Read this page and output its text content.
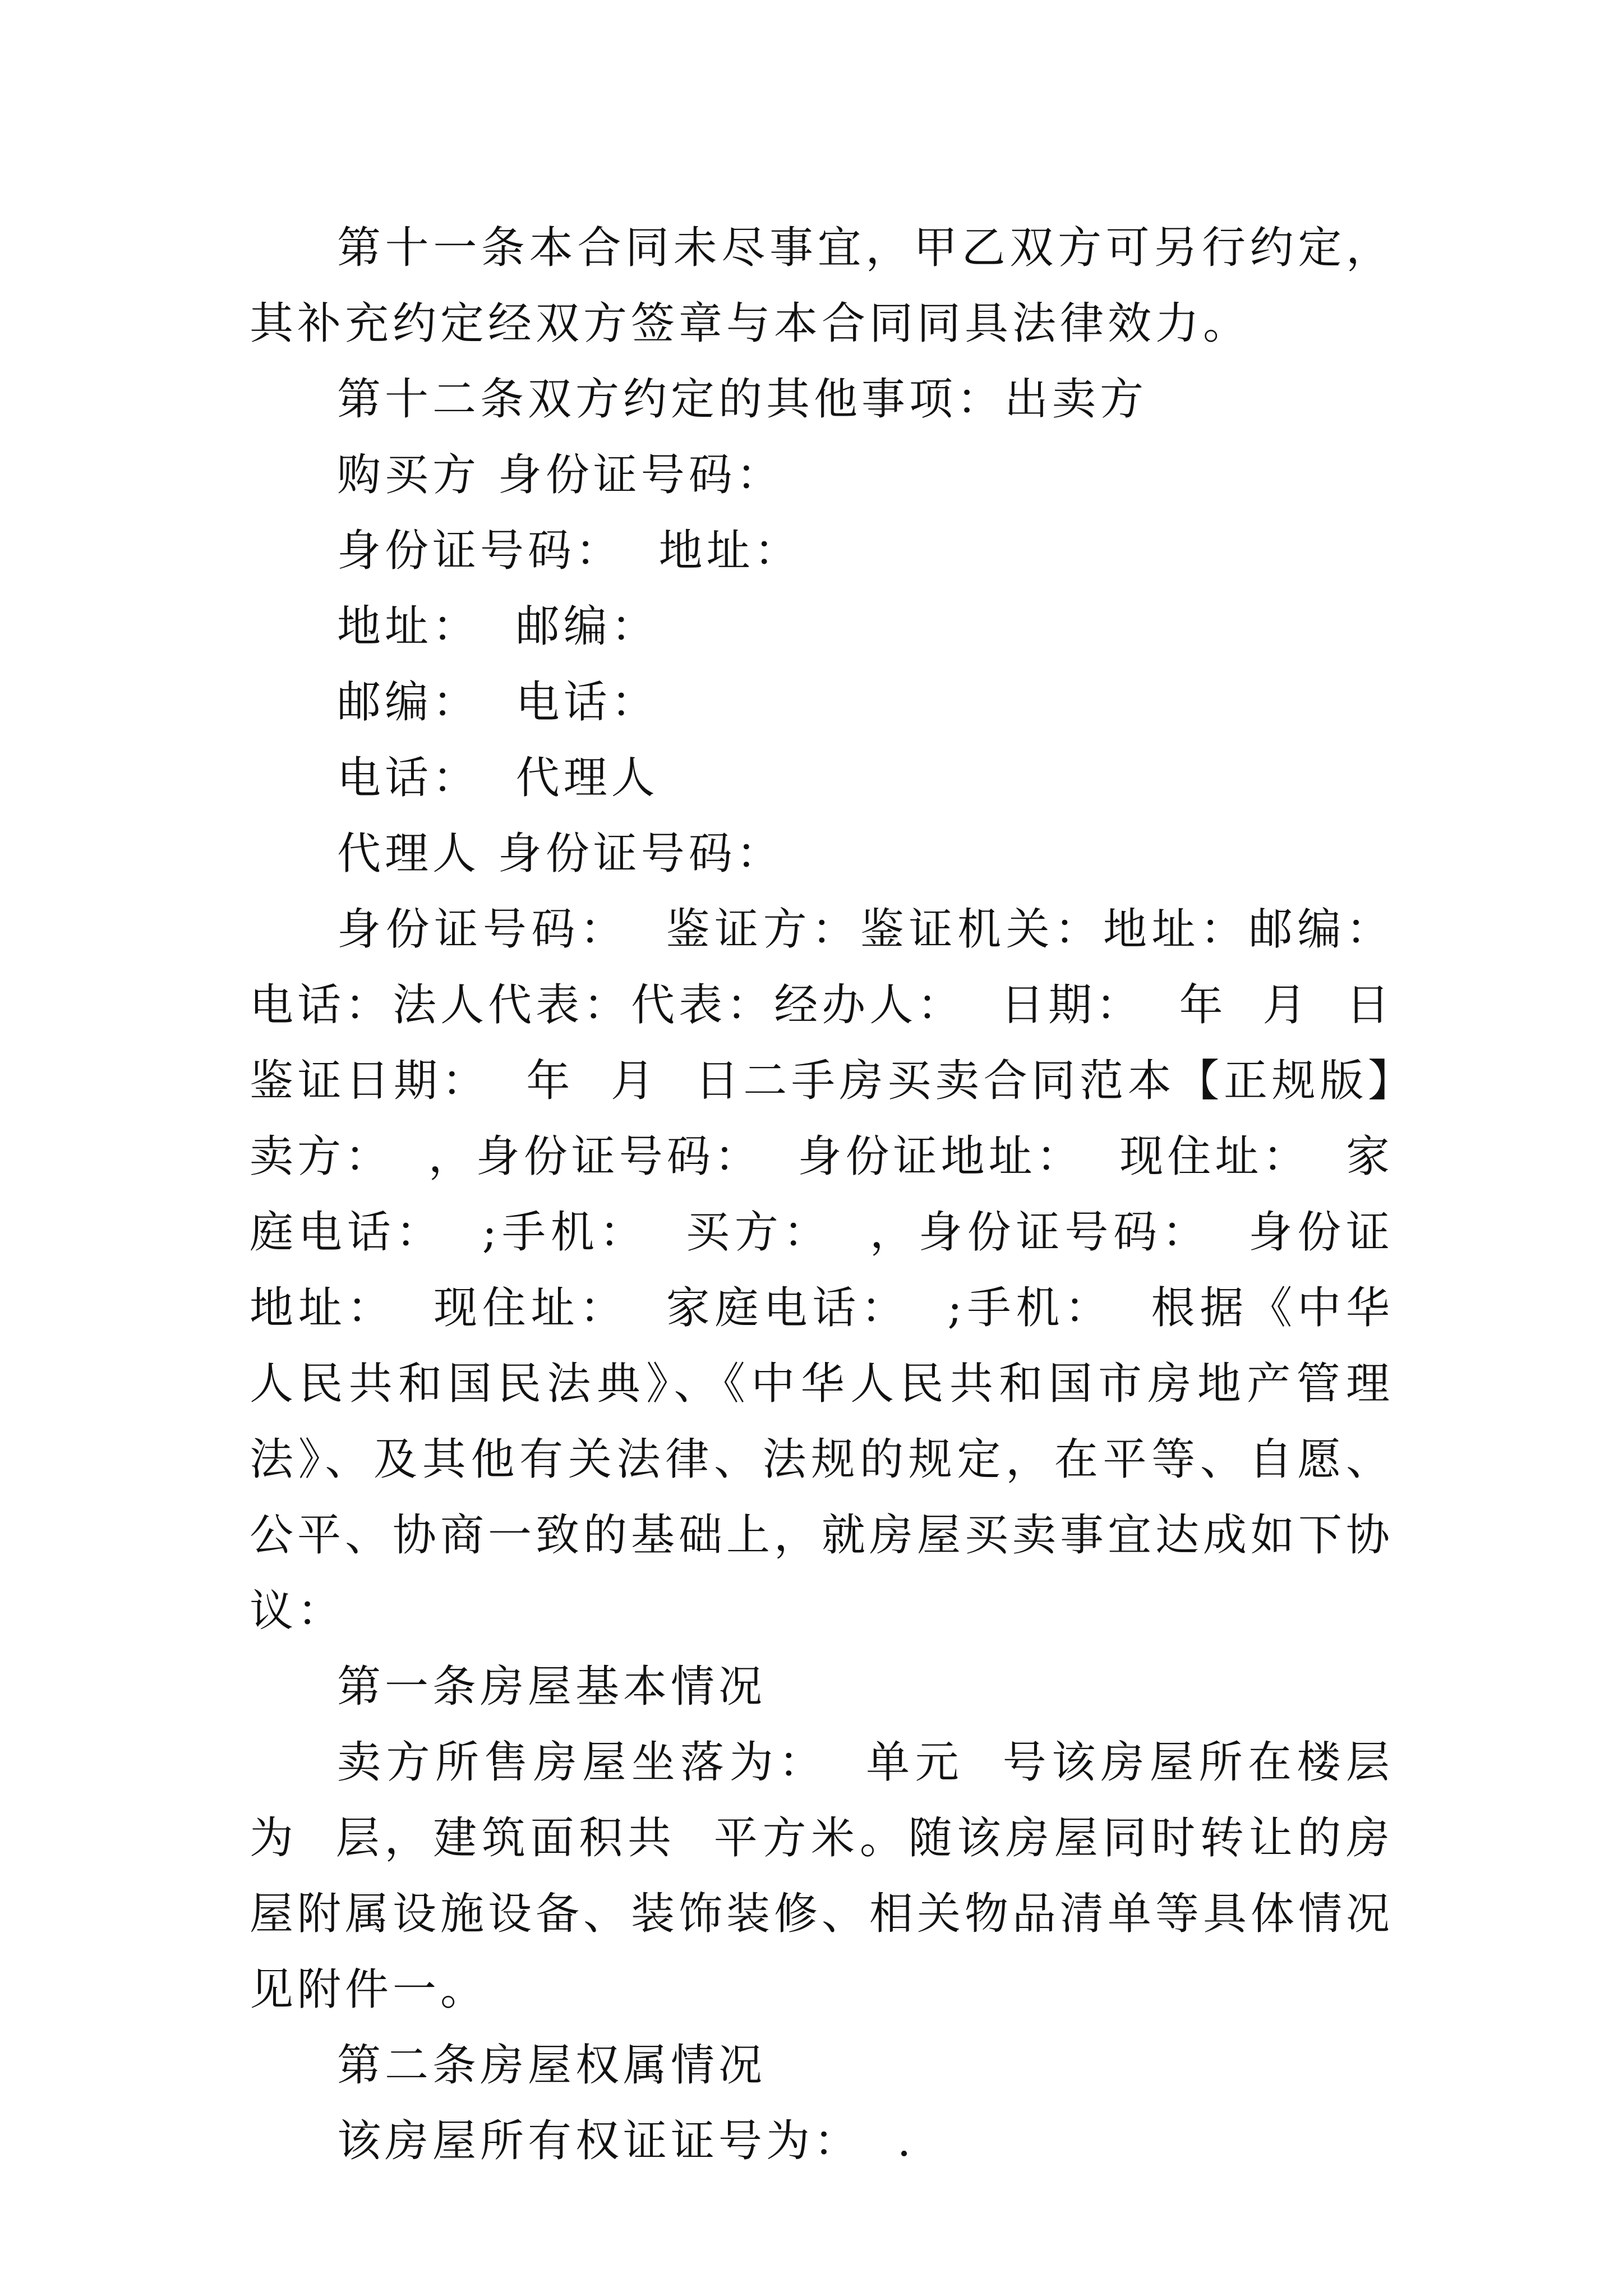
第十一条本合同未尽事宜，甲乙双方可另行约定，其补充约定经双方签章与本合同同具法律效力。

第十二条双方约定的其他事项：出卖方

购买方 身份证号码：

身份证号码：  地址：

地址：  邮编：

邮编：  电话：

电话：  代理人

代理人 身份证号码：

身份证号码：  鉴证方：鉴证机关：地址：邮编：电话：法人代表：代表：经办人：  日期：  年  月  日鉴证日期：  年  月  日二手房买卖合同范本【正规版】卖方：  ，身份证号码：  身份证地址：  现住址：  家庭电话：  ;手机：  买方：  ，身份证号码：  身份证地址：  现住址：  家庭电话：  ;手机：  根据《中华人民共和国民法典》、《中华人民共和国市房地产管理法》、及其他有关法律、法规的规定，在平等、自愿、公平、协商一致的基础上，就房屋买卖事宜达成如下协议：

第一条房屋基本情况

卖方所售房屋坐落为：  单元  号该房屋所在楼层为  层，建筑面积共  平方米。随该房屋同时转让的房屋附属设施设备、装饰装修、相关物品清单等具体情况见附件一。

第二条房屋权属情况

该房屋所有权证证号为：  .
